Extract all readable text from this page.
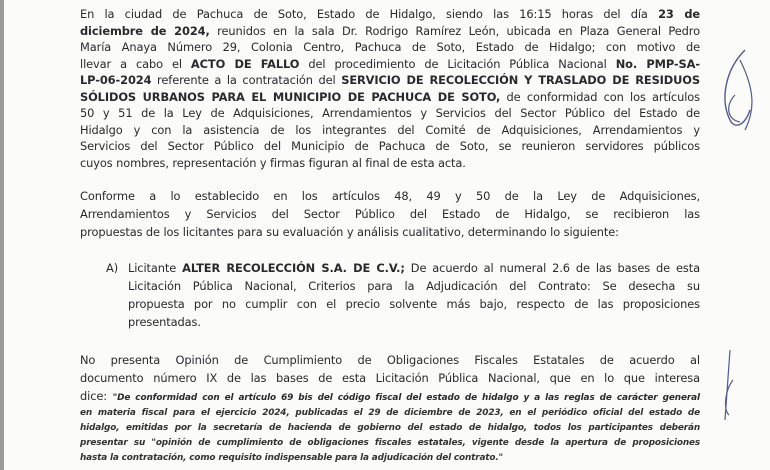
En la ciudad de Pachuca de Soto, Estado de Hidalgo, siendo las 16:15 horas del día 23 de
diciembre de 2024, reunidos en la sala Dr. Rodrigo Ramírez León, ubicada en Plaza General Pedro
María Anaya Número 29, Colonia Centro, Pachuca de Soto, Estado de Hidalgo; con motivo de
llevar a cabo el ACTO DE FALLO del procedimiento de Licitación Pública Nacional No. PMP-SA-
LP-06-2024 referente a la contratación del SERVICIO DE RECOLECCIÓN Y TRASLADO DE RESIDUOS
SÓLIDOS URBANOS PARA EL MUNICIPIO DE PACHUCA DE SOTO, de conformidad con los artículos
50 y 51 de la Ley de Adquisiciones, Arrendamientos y Servicios del Sector Público del Estado de
Hidalgo y con la asistencia de los integrantes del Comité de Adquisiciones, Arrendamientos y
Servicios del Sector Público del Municipio de Pachuca de Soto, se reunieron servidores públicos
cuyos nombres, representación y firmas figuran al final de esta acta.
Conforme a lo establecido en los artículos 48, 49 y 50 de la Ley de Adquisiciones,
Arrendamientos y Servicios del Sector Público del Estado de Hidalgo, se recibieron las
propuestas de los licitantes para su evaluación y análisis cualitativo, determinando lo siguiente:
A) Licitante ALTER RECOLECCIÓN S.A. DE C.V.; De acuerdo al numeral 2.6 de las bases de esta
Licitación Pública Nacional, Criterios para la Adjudicación del Contrato: Se desecha su
propuesta por no cumplir con el precio solvente más bajo, respecto de las proposiciones
presentadas.
No presenta Opinión de Cumplimiento de Obligaciones Fiscales Estatales de acuerdo al
documento número IX de las bases de esta Licitación Pública Nacional, que en lo que interesa
dice: "De conformidad con el artículo 69 bis del código fiscal del estado de hidalgo y a las reglas de carácter general
en materia fiscal para el ejercicio 2024, publicadas el 29 de diciembre de 2023, en el periódico oficial del estado de
hidalgo, emitidas por la secretaría de hacienda de gobierno del estado de hidalgo, todos los participantes deberán
presentar su "opinión de cumplimiento de obligaciones fiscales estatales, vigente desde la apertura de proposiciones
hasta la contratación, como requisito indispensable para la adjudicación del contrato."
